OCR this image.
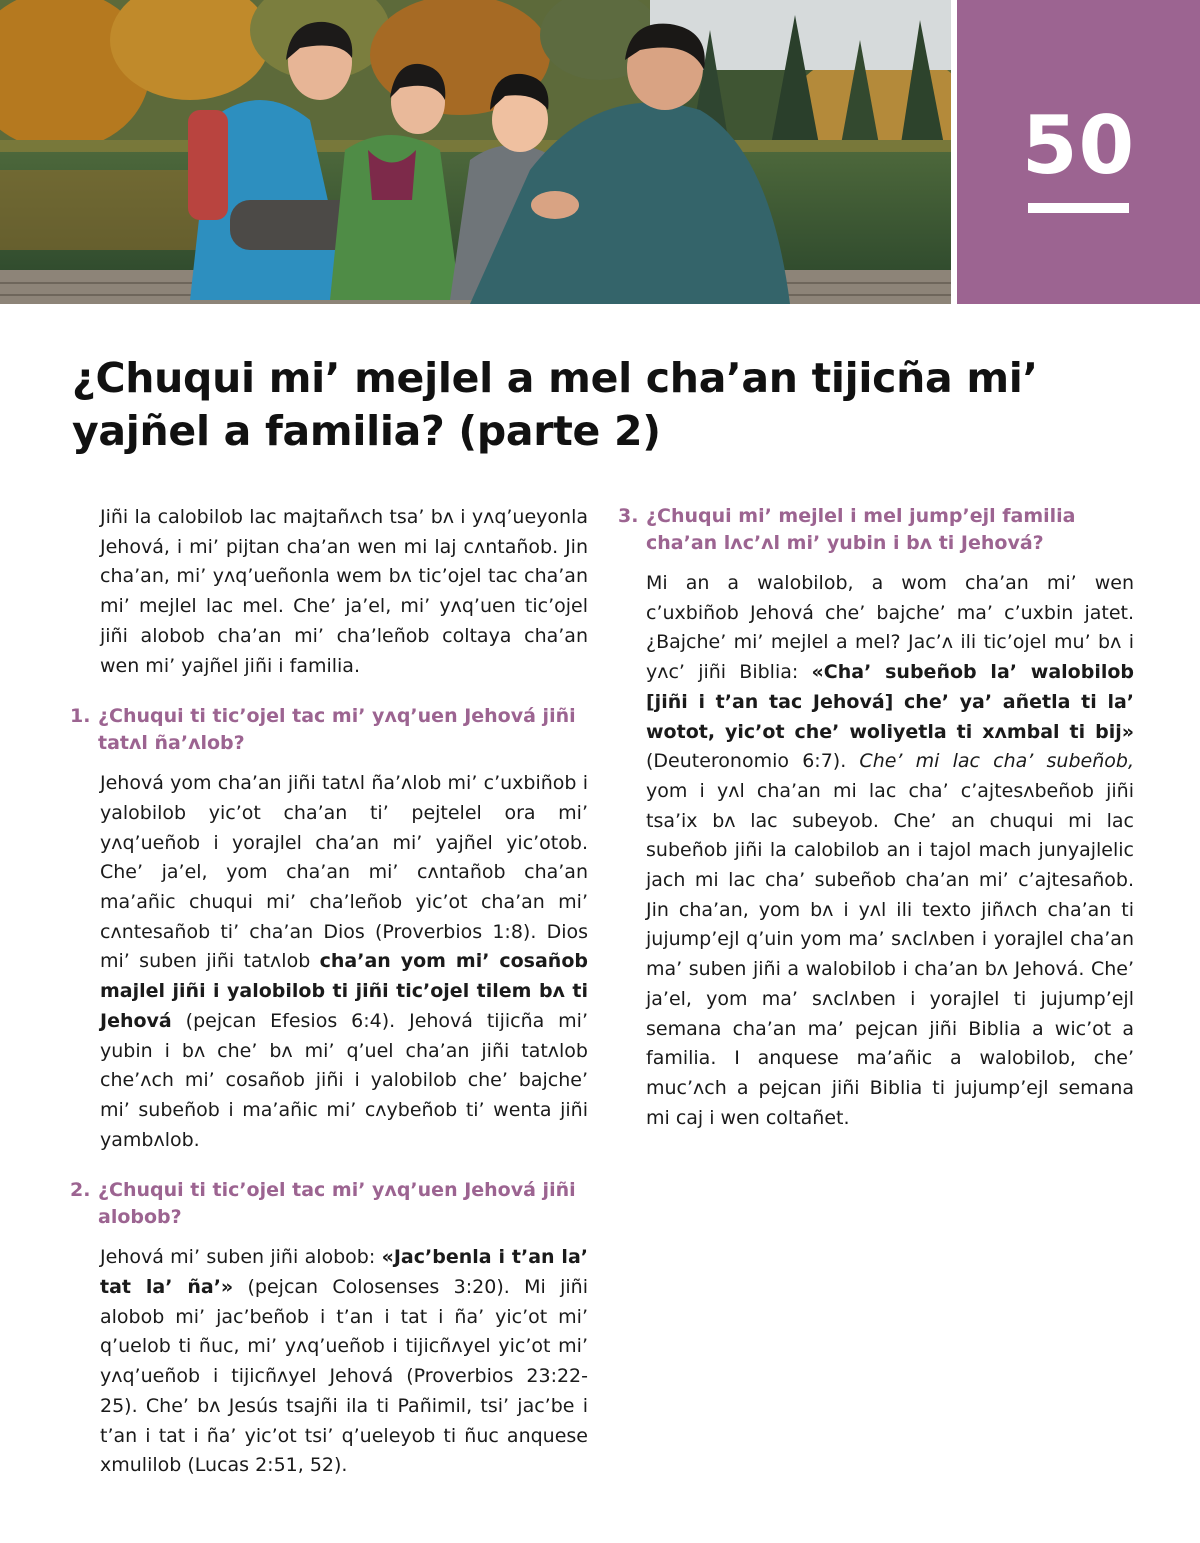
50
¿Chuqui mi’ mejlel a mel cha’an tijicña mi’ yajñel a familia? (parte 2)

Jiñi la calobilob lac majtañʌch tsa’ bʌ i yʌq’ueyonla Jehová, i mi’ pijtan cha’an wen mi laj cʌntañob. Jin cha’an, mi’ yʌq’ueñonla wem bʌ tic’ojel tac cha’an mi’ mejlel lac mel. Che’ ja’el, mi’ yʌq’uen tic’ojel jiñi alobob cha’an mi’ cha’leñob coltaya cha’an wen mi’ yajñel jiñi i familia.

1. ¿Chuqui ti tic’ojel tac mi’ yʌq’uen Jehová jiñi tatʌl ña’ʌlob?

Jehová yom cha’an jiñi tatʌl ña’ʌlob mi’ c’uxbiñob i yalobilob yic’ot cha’an ti’ pejtelel ora mi’ yʌq’ueñob i yorajlel cha’an mi’ yajñel yic’otob. Che’ ja’el, yom cha’an mi’ cʌntañob cha’an ma’añic chuqui mi’ cha’leñob yic’ot cha’an mi’ cʌntesañob ti’ cha’an Dios (Proverbios 1:8). Dios mi’ suben jiñi tatʌlob cha’an yom mi’ cosañob majlel jiñi i yalobilob ti jiñi tic’ojel tilem bʌ ti Jehová (pejcan Efesios 6:4). Jehová tijicña mi’ yubin i bʌ che’ bʌ mi’ q’uel cha’an jiñi tatʌlob che’ʌch mi’ cosañob jiñi i yalobilob che’ bajche’ mi’ subeñob i ma’añic mi’ cʌybeñob ti’ wenta jiñi yambʌlob.

2. ¿Chuqui ti tic’ojel tac mi’ yʌq’uen Jehová jiñi alobob?

Jehová mi’ suben jiñi alobob: «Jac’benla i t’an la’ tat la’ ña’» (pejcan Colosenses 3:20). Mi jiñi alobob mi’ jac’beñob i t’an i tat i ña’ yic’ot mi’ q’uelob ti ñuc, mi’ yʌq’ueñob i tijicñʌyel yic’ot mi’ yʌq’ueñob i tijicñʌyel Jehová (Proverbios 23:22-25). Che’ bʌ Jesús tsajñi ila ti Pañimil, tsi’ jac’be i t’an i tat i ña’ yic’ot tsi’ q’ueleyob ti ñuc anquese xmulilob (Lucas 2:51, 52).

3. ¿Chuqui mi’ mejlel i mel jump’ejl familia cha’an lʌc’ʌl mi’ yubin i bʌ ti Jehová?

Mi an a walobilob, a wom cha’an mi’ wen c’uxbiñob Jehová che’ bajche’ ma’ c’uxbin jatet. ¿Bajche’ mi’ mejlel a mel? Jac’ʌ ili tic’ojel mu’ bʌ i yʌc’ jiñi Biblia: «Cha’ subeñob la’ walobilob [jiñi i t’an tac Jehová] che’ ya’ añetla ti la’ wotot, yic’ot che’ woliyetla ti xʌmbal ti bij» (Deuteronomio 6:7). Che’ mi lac cha’ subeñob, yom i yʌl cha’an mi lac cha’ c’ajtesʌbeñob jiñi tsa’ix bʌ lac subeyob. Che’ an chuqui mi lac subeñob jiñi la calobilob an i tajol mach junyajlelic jach mi lac cha’ subeñob cha’an mi’ c’ajtesañob. Jin cha’an, yom bʌ i yʌl ili texto jiñʌch cha’an ti jujump’ejl q’uin yom ma’ sʌclʌben i yorajlel cha’an ma’ suben jiñi a walobilob i cha’an bʌ Jehová. Che’ ja’el, yom ma’ sʌclʌben i yorajlel ti jujump’ejl semana cha’an ma’ pejcan jiñi Biblia a wic’ot a familia. I anquese ma’añic a walobilob, che’ muc’ʌch a pejcan jiñi Biblia ti jujump’ejl semana mi caj i wen coltañet.
